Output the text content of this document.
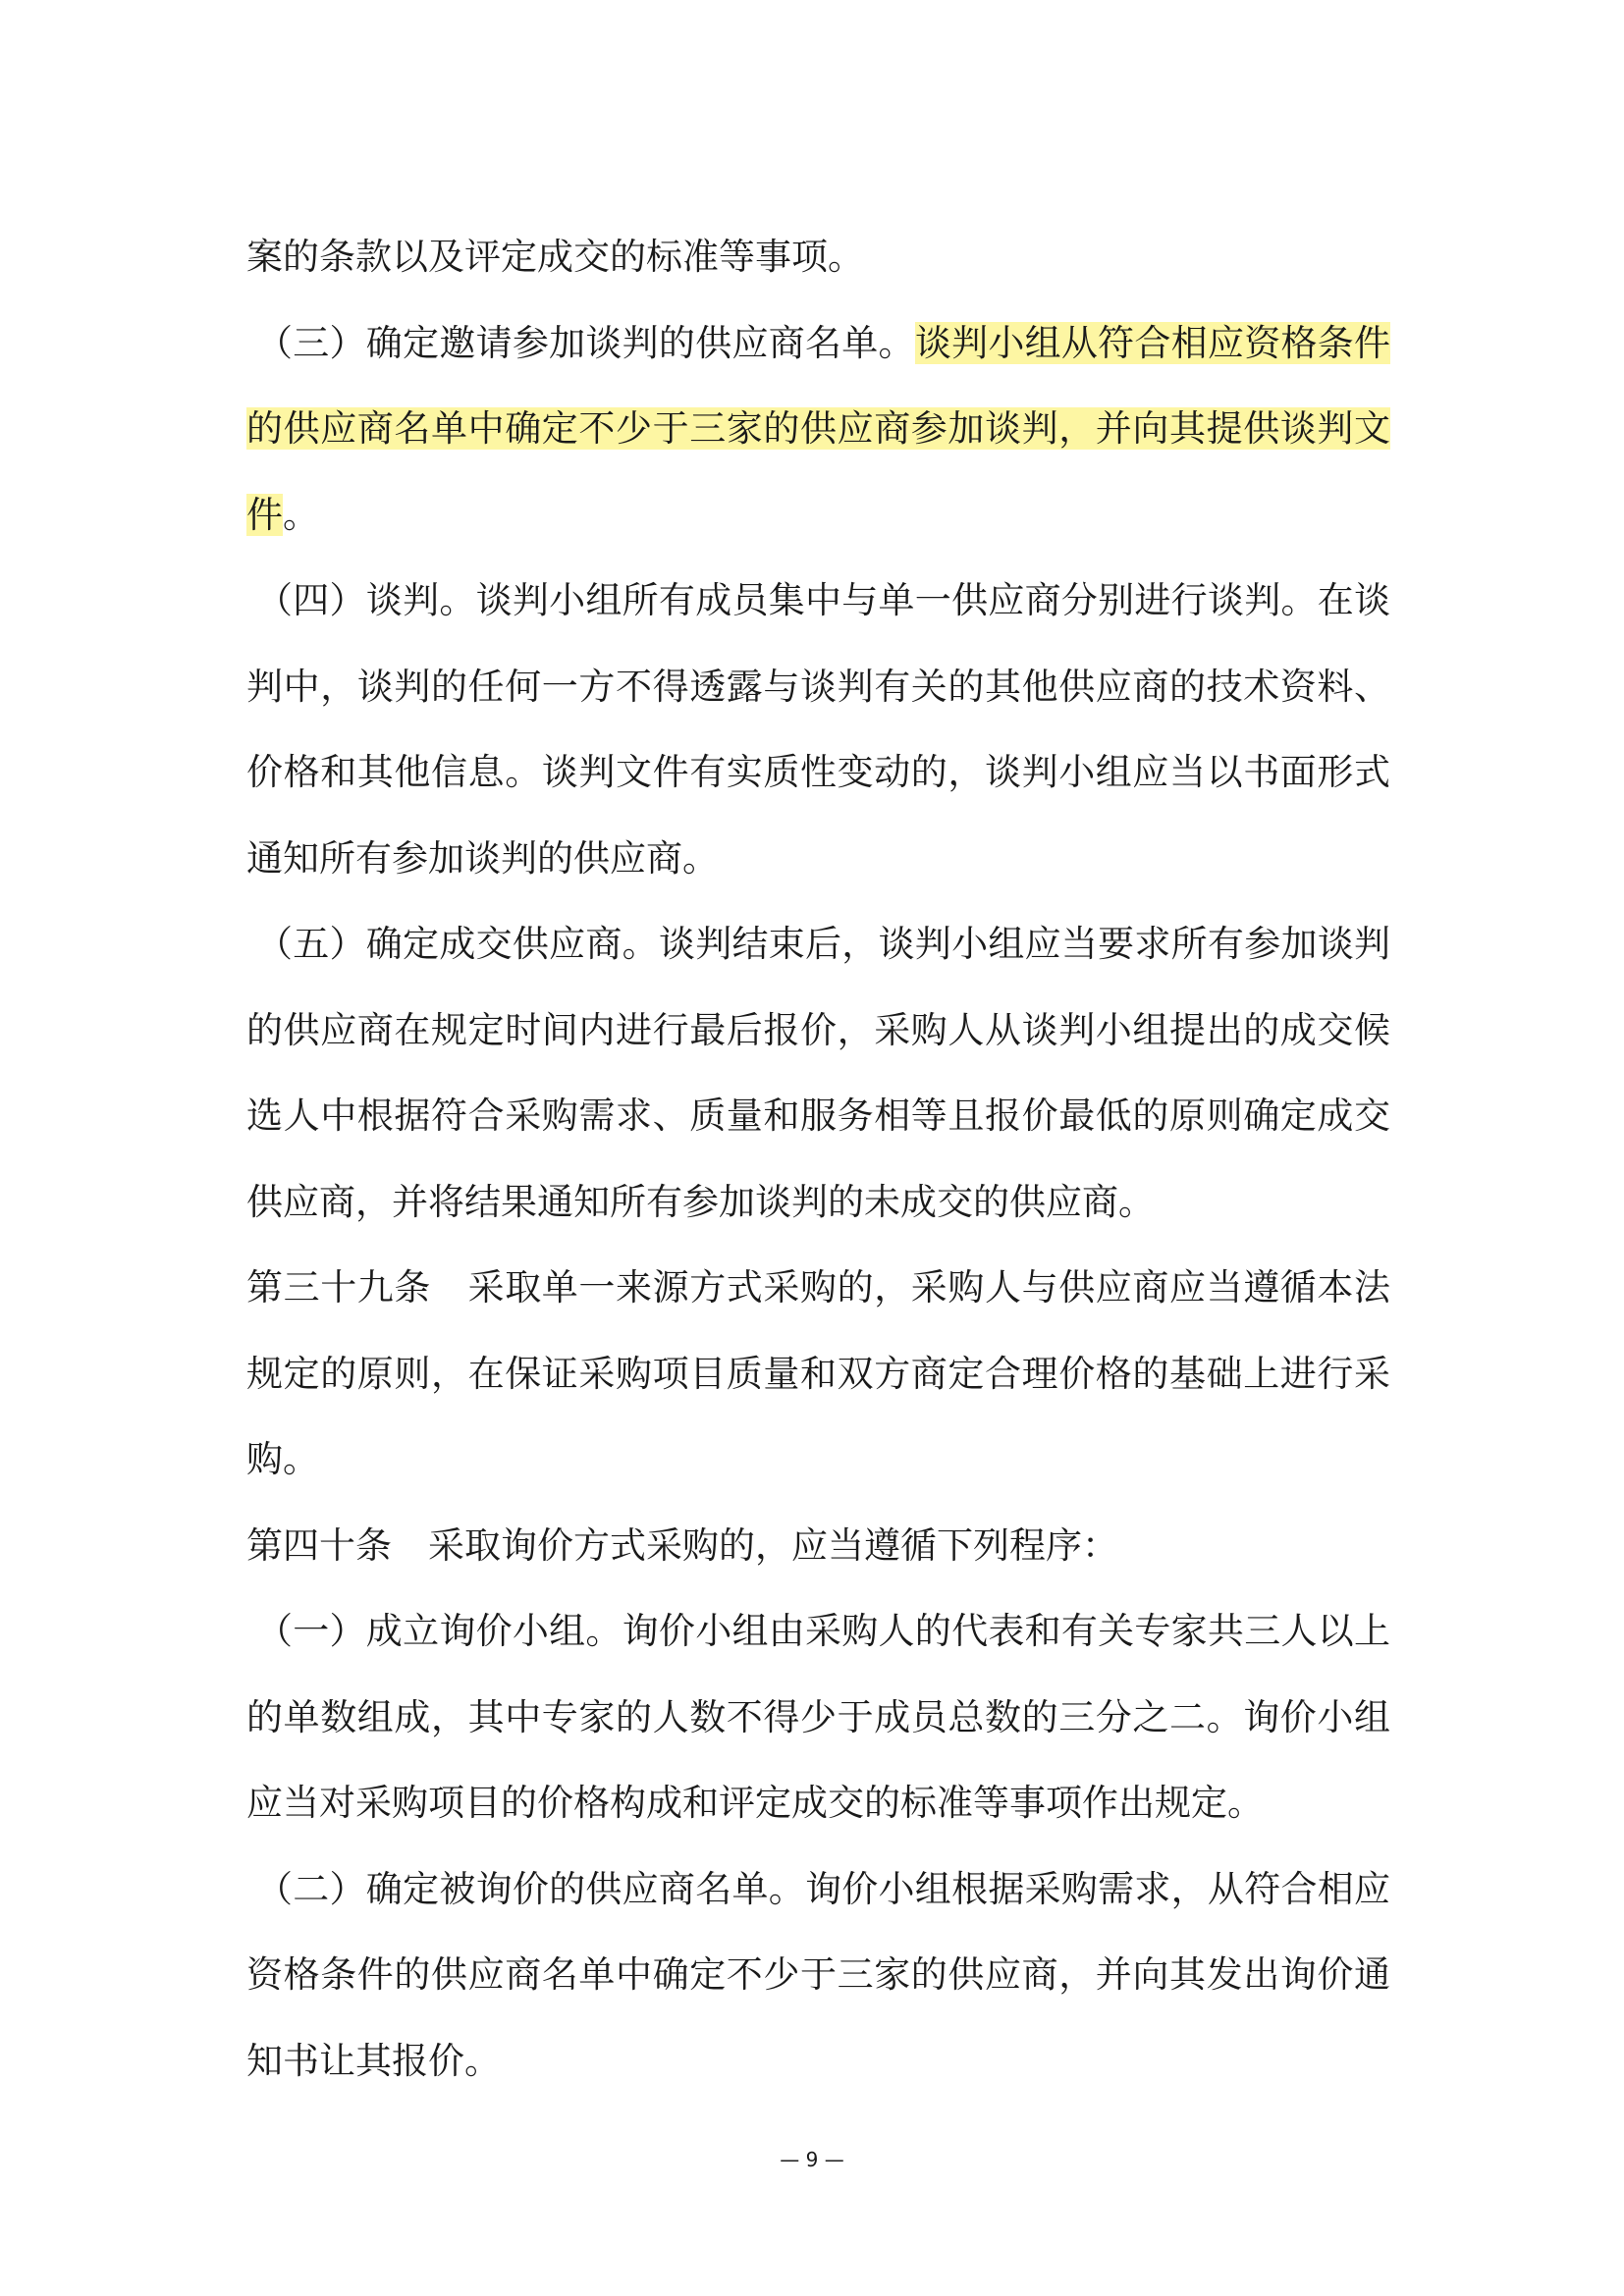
案的条款以及评定成交的标准等事项。

（三）确定邀请参加谈判的供应商名单。谈判小组从符合相应资格条件的供应商名单中确定不少于三家的供应商参加谈判，并向其提供谈判文件。

（四）谈判。谈判小组所有成员集中与单一供应商分别进行谈判。在谈判中，谈判的任何一方不得透露与谈判有关的其他供应商的技术资料、价格和其他信息。谈判文件有实质性变动的，谈判小组应当以书面形式通知所有参加谈判的供应商。

（五）确定成交供应商。谈判结束后，谈判小组应当要求所有参加谈判的供应商在规定时间内进行最后报价，采购人从谈判小组提出的成交候选人中根据符合采购需求、质量和服务相等且报价最低的原则确定成交供应商，并将结果通知所有参加谈判的未成交的供应商。

第三十九条　采取单一来源方式采购的，采购人与供应商应当遵循本法规定的原则，在保证采购项目质量和双方商定合理价格的基础上进行采购。

第四十条　采取询价方式采购的，应当遵循下列程序：

（一）成立询价小组。询价小组由采购人的代表和有关专家共三人以上的单数组成，其中专家的人数不得少于成员总数的三分之二。询价小组应当对采购项目的价格构成和评定成交的标准等事项作出规定。

（二）确定被询价的供应商名单。询价小组根据采购需求，从符合相应资格条件的供应商名单中确定不少于三家的供应商，并向其发出询价通知书让其报价。

— 9 —
